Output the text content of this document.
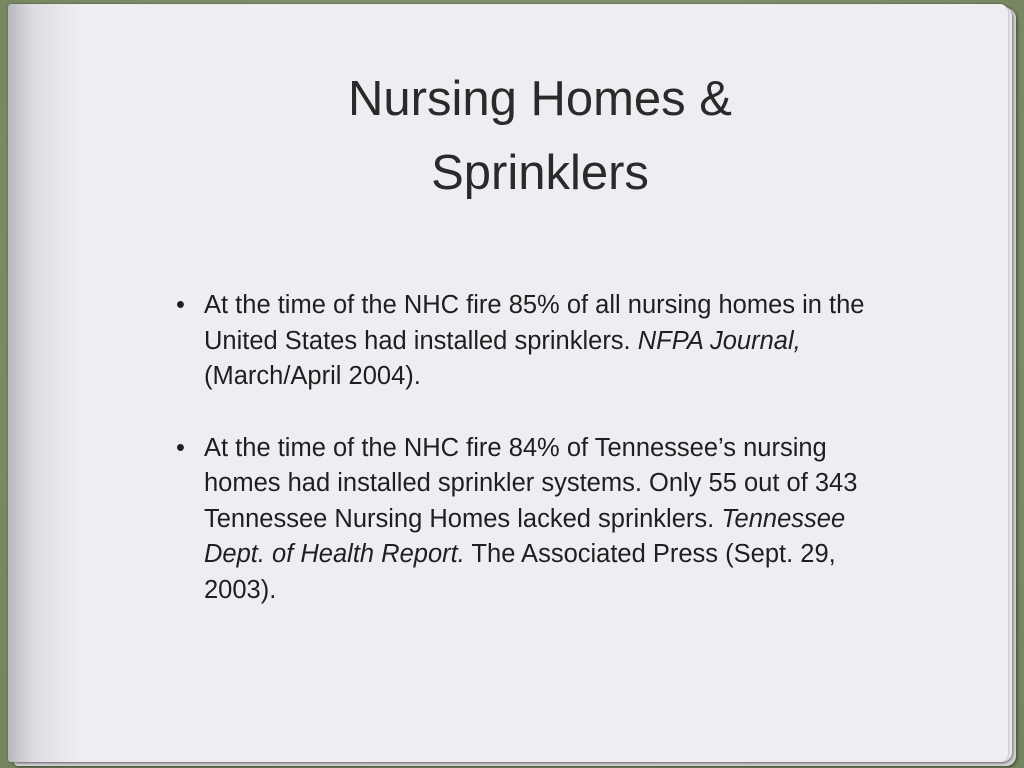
Nursing Homes &
Sprinklers
• At the time of the NHC fire 85% of all nursing homes in the United States had installed sprinklers. NFPA Journal, (March/April 2004).
• At the time of the NHC fire 84% of Tennessee’s nursing homes had installed sprinkler systems. Only 55 out of 343 Tennessee Nursing Homes lacked sprinklers. Tennessee Dept. of Health Report. The Associated Press (Sept. 29, 2003).
